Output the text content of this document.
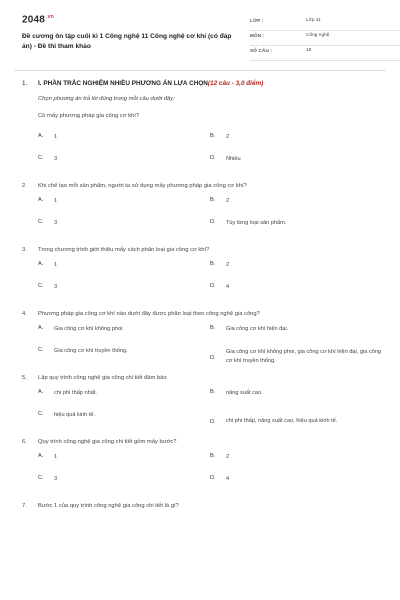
$2048^{.vn}$
Đề cương ôn tập cuối kì 1 Công nghệ 11 Công nghệ cơ khí (có đáp án) - Đề thi tham khảo
LỚP :	Lớp 11
MÔN :	Công nghệ
SỐ CÂU :	18
1. I. PHẦN TRẮC NGHIỆM NHIỀU PHƯƠNG ÁN LỰA CHỌN(12 câu - 3,0 điểm)
Chọn phương án trả lời đúng trong mỗi câu dưới đây:
Có mấy phương pháp gia công cơ khí?
A.	1	B.	2
C.	3	D.	Nhiều
2. Khi chế tạo mỗi sản phẩm, người ta sử dụng mấy phương pháp gia công cơ khí?
A.	1	B.	2
C.	3	D.	Tùy từng loại sản phẩm.
3. Trong chương trình giới thiệu mấy cách phân loại gia công cơ khí?
A.	1	B.	2
C.	3	D.	4
4. Phương pháp gia công cơ khí nào dưới đây được phân loại theo công nghệ gia công?
A.	Gia công cơ khí không phoi.	B.	Gia công cơ khí hiện đại.
C.	Gia công cơ khí truyền thống.
D.
Gia công cơ khí không phoi, gia công cơ khí hiện đại, gia công cơ khí truyền thống.
5. Lập quy trình công nghệ gia công chi tiết đảm bảo
A.	chi phí thấp nhất.	B.	năng suất cao.
C.	hiệu quả kinh tế.
D.	chi phí thấp, năng suất cao, hiệu quả kinh tế.
6. Quy trình công nghệ gia công chi tiết gồm mấy bước?
A.	1	B.	2
C.	3	D.	4
7. Bước 1 của quy trình công nghệ gia công chi tiết là gì?
